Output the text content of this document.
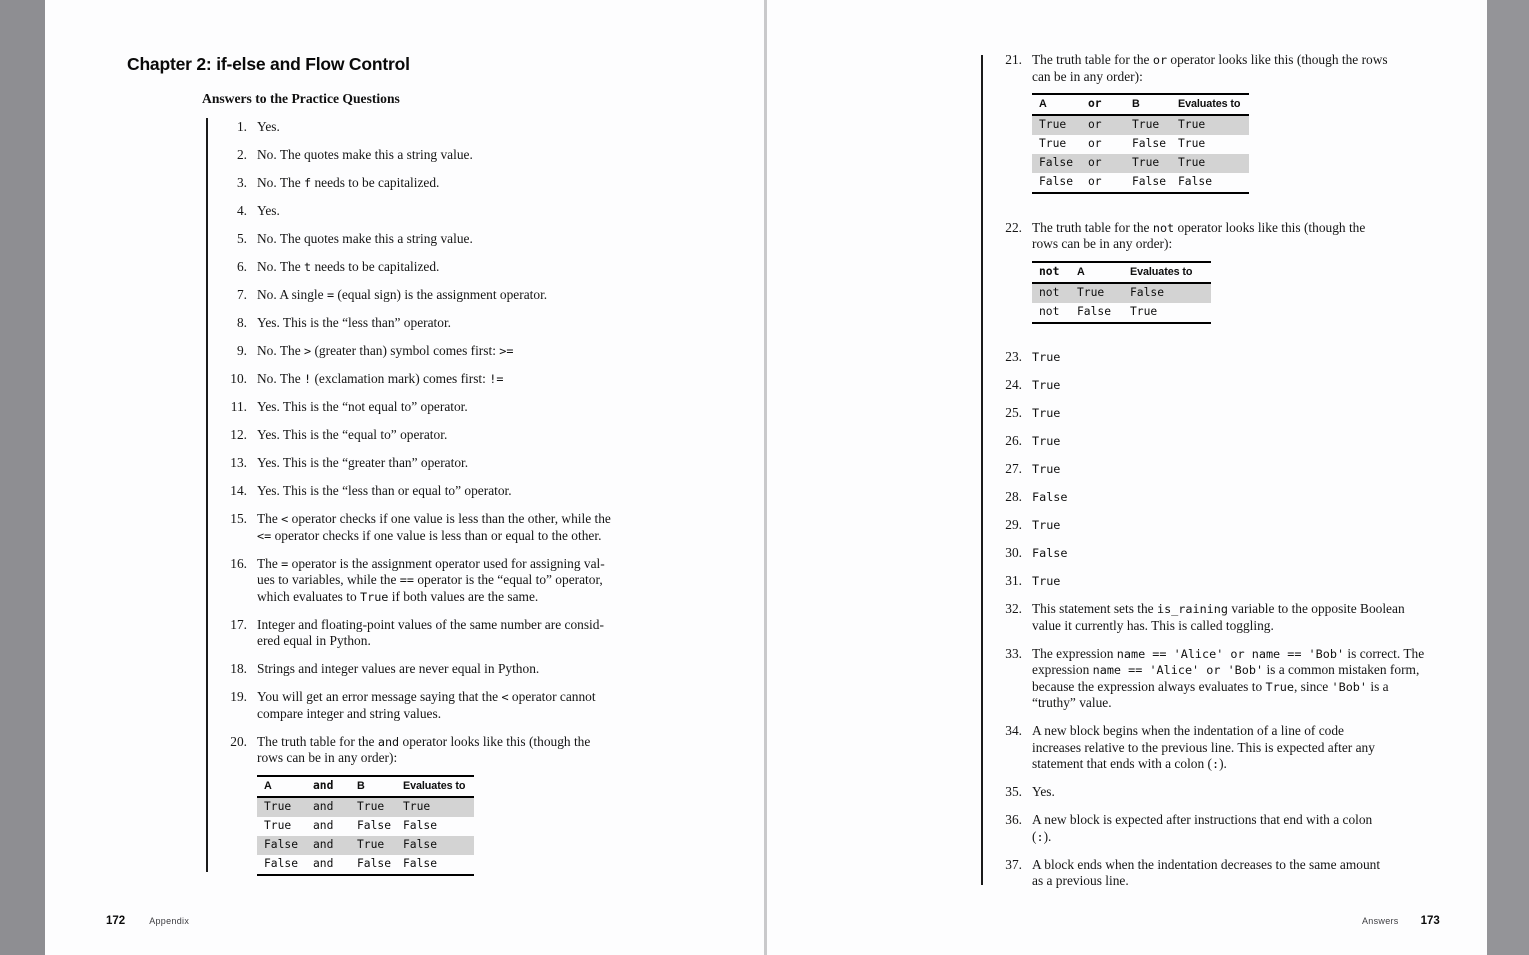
Chapter 2: if-else and Flow Control
Answers to the Practice Questions
1. Yes.
2. No. The quotes make this a string value.
3. No. The f needs to be capitalized.
4. Yes.
5. No. The quotes make this a string value.
6. No. The t needs to be capitalized.
7. No. A single = (equal sign) is the assignment operator.
8. Yes. This is the “less than” operator.
9. No. The > (greater than) symbol comes first: >=
10. No. The ! (exclamation mark) comes first: !=
11. Yes. This is the “not equal to” operator.
12. Yes. This is the “equal to” operator.
13. Yes. This is the “greater than” operator.
14. Yes. This is the “less than or equal to” operator.
15. The < operator checks if one value is less than the other, while the
<= operator checks if one value is less than or equal to the other.
16. The = operator is the assignment operator used for assigning val-
ues to variables, while the == operator is the “equal to” operator,
which evaluates to True if both values are the same.
17. Integer and floating-point values of the same number are consid-
ered equal in Python.
18. Strings and integer values are never equal in Python.
19. You will get an error message saying that the < operator cannot
compare integer and string values.
20. The truth table for the and operator looks like this (though the
rows can be in any order):
A	and	B	Evaluates to
True	and	True	True
True	and	False	False
False	and	True	False
False	and	False	False
172	Appendix
21. The truth table for the or operator looks like this (though the rows
can be in any order):
A	or	B	Evaluates to
True	or	True	True
True	or	False	True
False	or	True	True
False	or	False	False
22. The truth table for the not operator looks like this (though the
rows can be in any order):
not	A	Evaluates to
not	True	False
not	False	True
23. True
24. True
25. True
26. True
27. True
28. False
29. True
30. False
31. True
32. This statement sets the is_raining variable to the opposite Boolean
value it currently has. This is called toggling.
33. The expression name == 'Alice' or name == 'Bob' is correct. The
expression name == 'Alice' or 'Bob' is a common mistaken form,
because the expression always evaluates to True, since 'Bob' is a
“truthy” value.
34. A new block begins when the indentation of a line of code
increases relative to the previous line. This is expected after any
statement that ends with a colon (:).
35. Yes.
36. A new block is expected after instructions that end with a colon
(:).
37. A block ends when the indentation decreases to the same amount
as a previous line.
Answers 173
